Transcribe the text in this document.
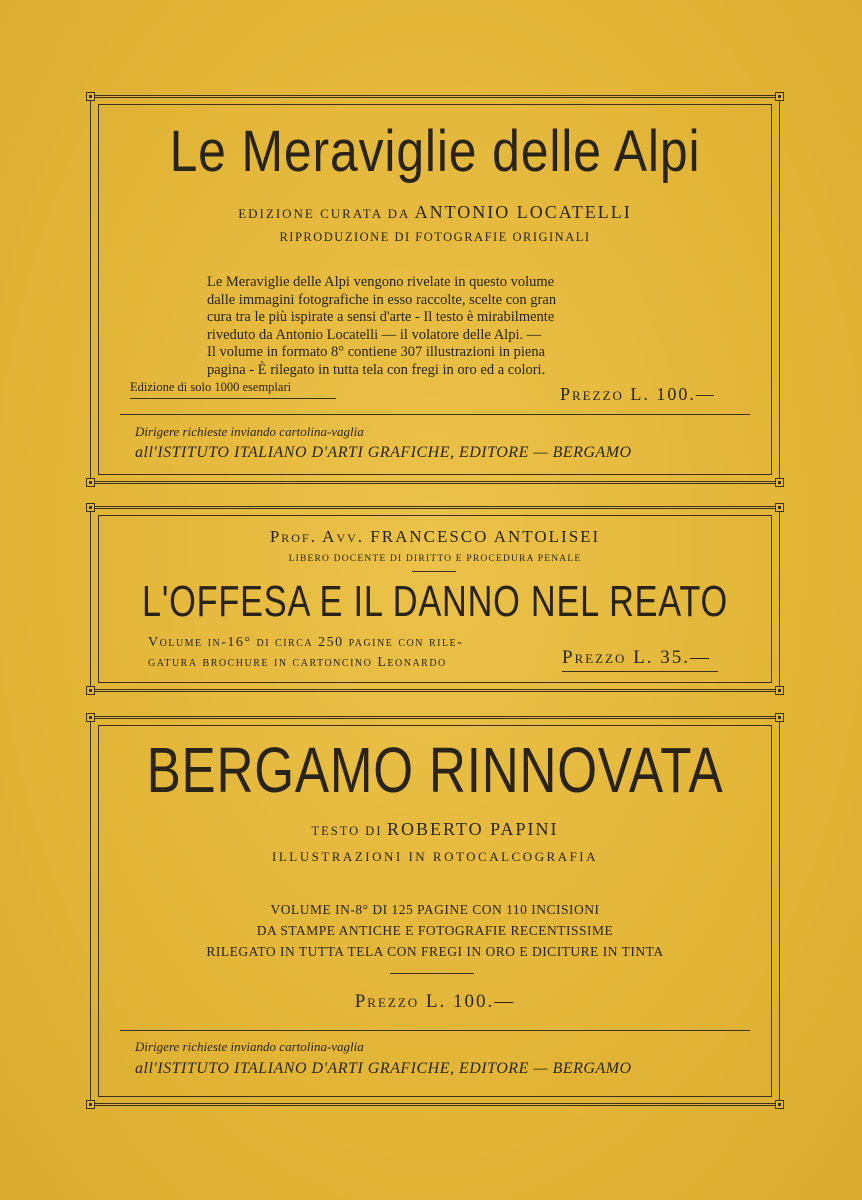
Le Meraviglie delle Alpi
EDIZIONE CURATA DA ANTONIO LOCATELLI
RIPRODUZIONE DI FOTOGRAFIE ORIGINALI
Le Meraviglie delle Alpi vengono rivelate in questo volume
dalle immagini fotografiche in esso raccolte, scelte con gran
cura tra le più ispirate a sensi d'arte - Il testo è mirabilmente
riveduto da Antonio Locatelli — il volatore delle Alpi. —
Il volume in formato 8° contiene 307 illustrazioni in piena
pagina - È rilegato in tutta tela con fregi in oro ed a colori.
Edizione di solo 1000 esemplari	Prezzo L. 100.—
Dirigere richieste inviando cartolina-vaglia
all'ISTITUTO ITALIANO D'ARTI GRAFICHE, EDITORE — BERGAMO
Prof. Avv. FRANCESCO ANTOLISEI
LIBERO DOCENTE DI DIRITTO E PROCEDURA PENALE
L'OFFESA E IL DANNO NEL REATO
Volume in-16° di circa 250 pagine con rile-
gatura brochure in cartoncino Leonardo	Prezzo L. 35.—
BERGAMO RINNOVATA
TESTO DI ROBERTO PAPINI
ILLUSTRAZIONI IN ROTOCALCOGRAFIA
VOLUME IN-8° DI 125 PAGINE CON 110 INCISIONI
DA STAMPE ANTICHE E FOTOGRAFIE RECENTISSIME
RILEGATO IN TUTTA TELA CON FREGI IN ORO E DICITURE IN TINTA
Prezzo L. 100.—
Dirigere richieste inviando cartolina-vaglia
all'ISTITUTO ITALIANO D'ARTI GRAFICHE, EDITORE — BERGAMO
